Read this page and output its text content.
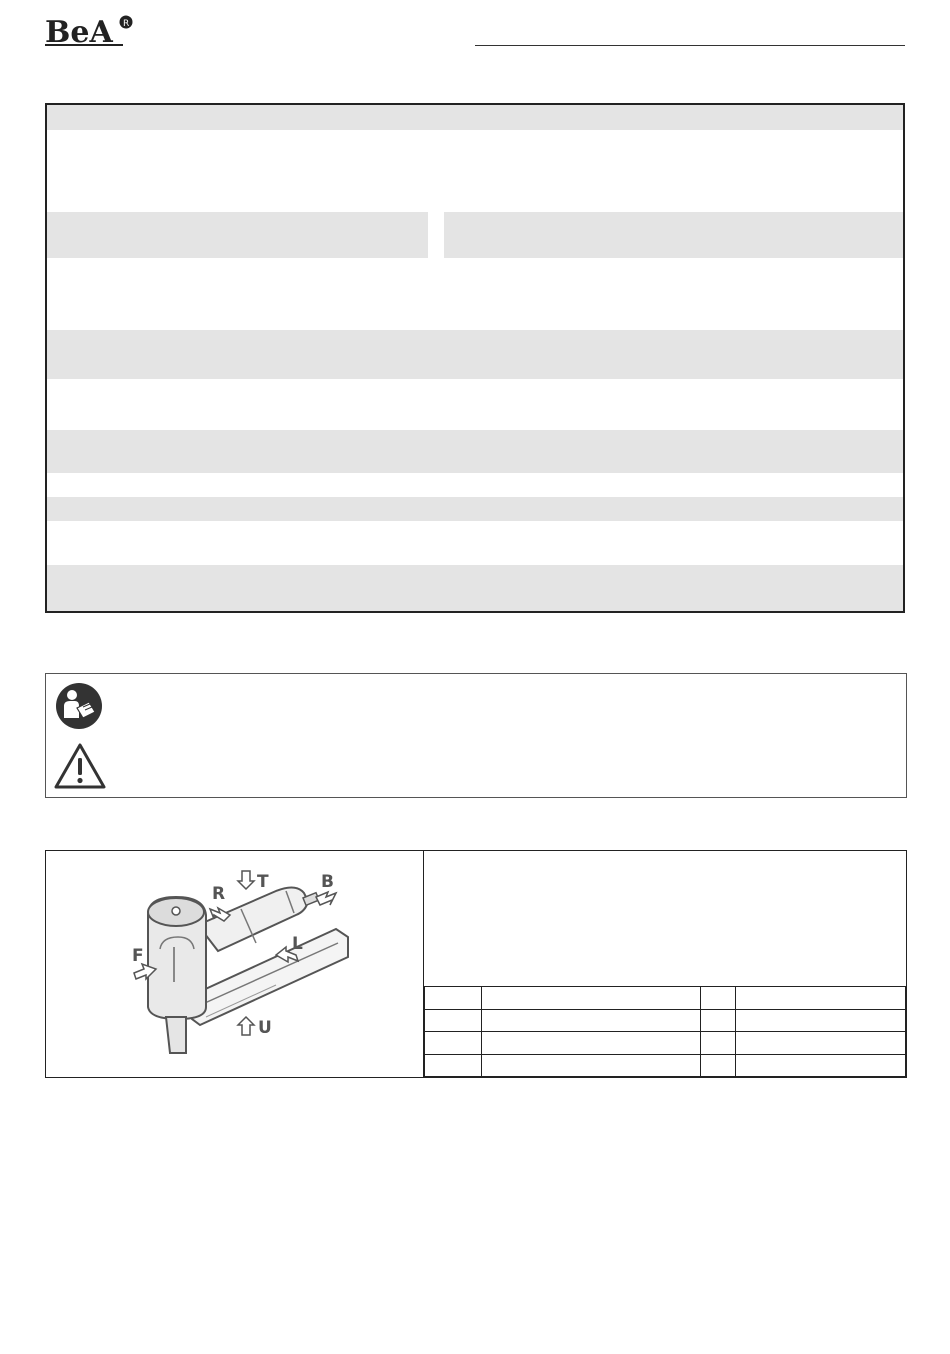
BeA R
T	B
R
F
L
U
